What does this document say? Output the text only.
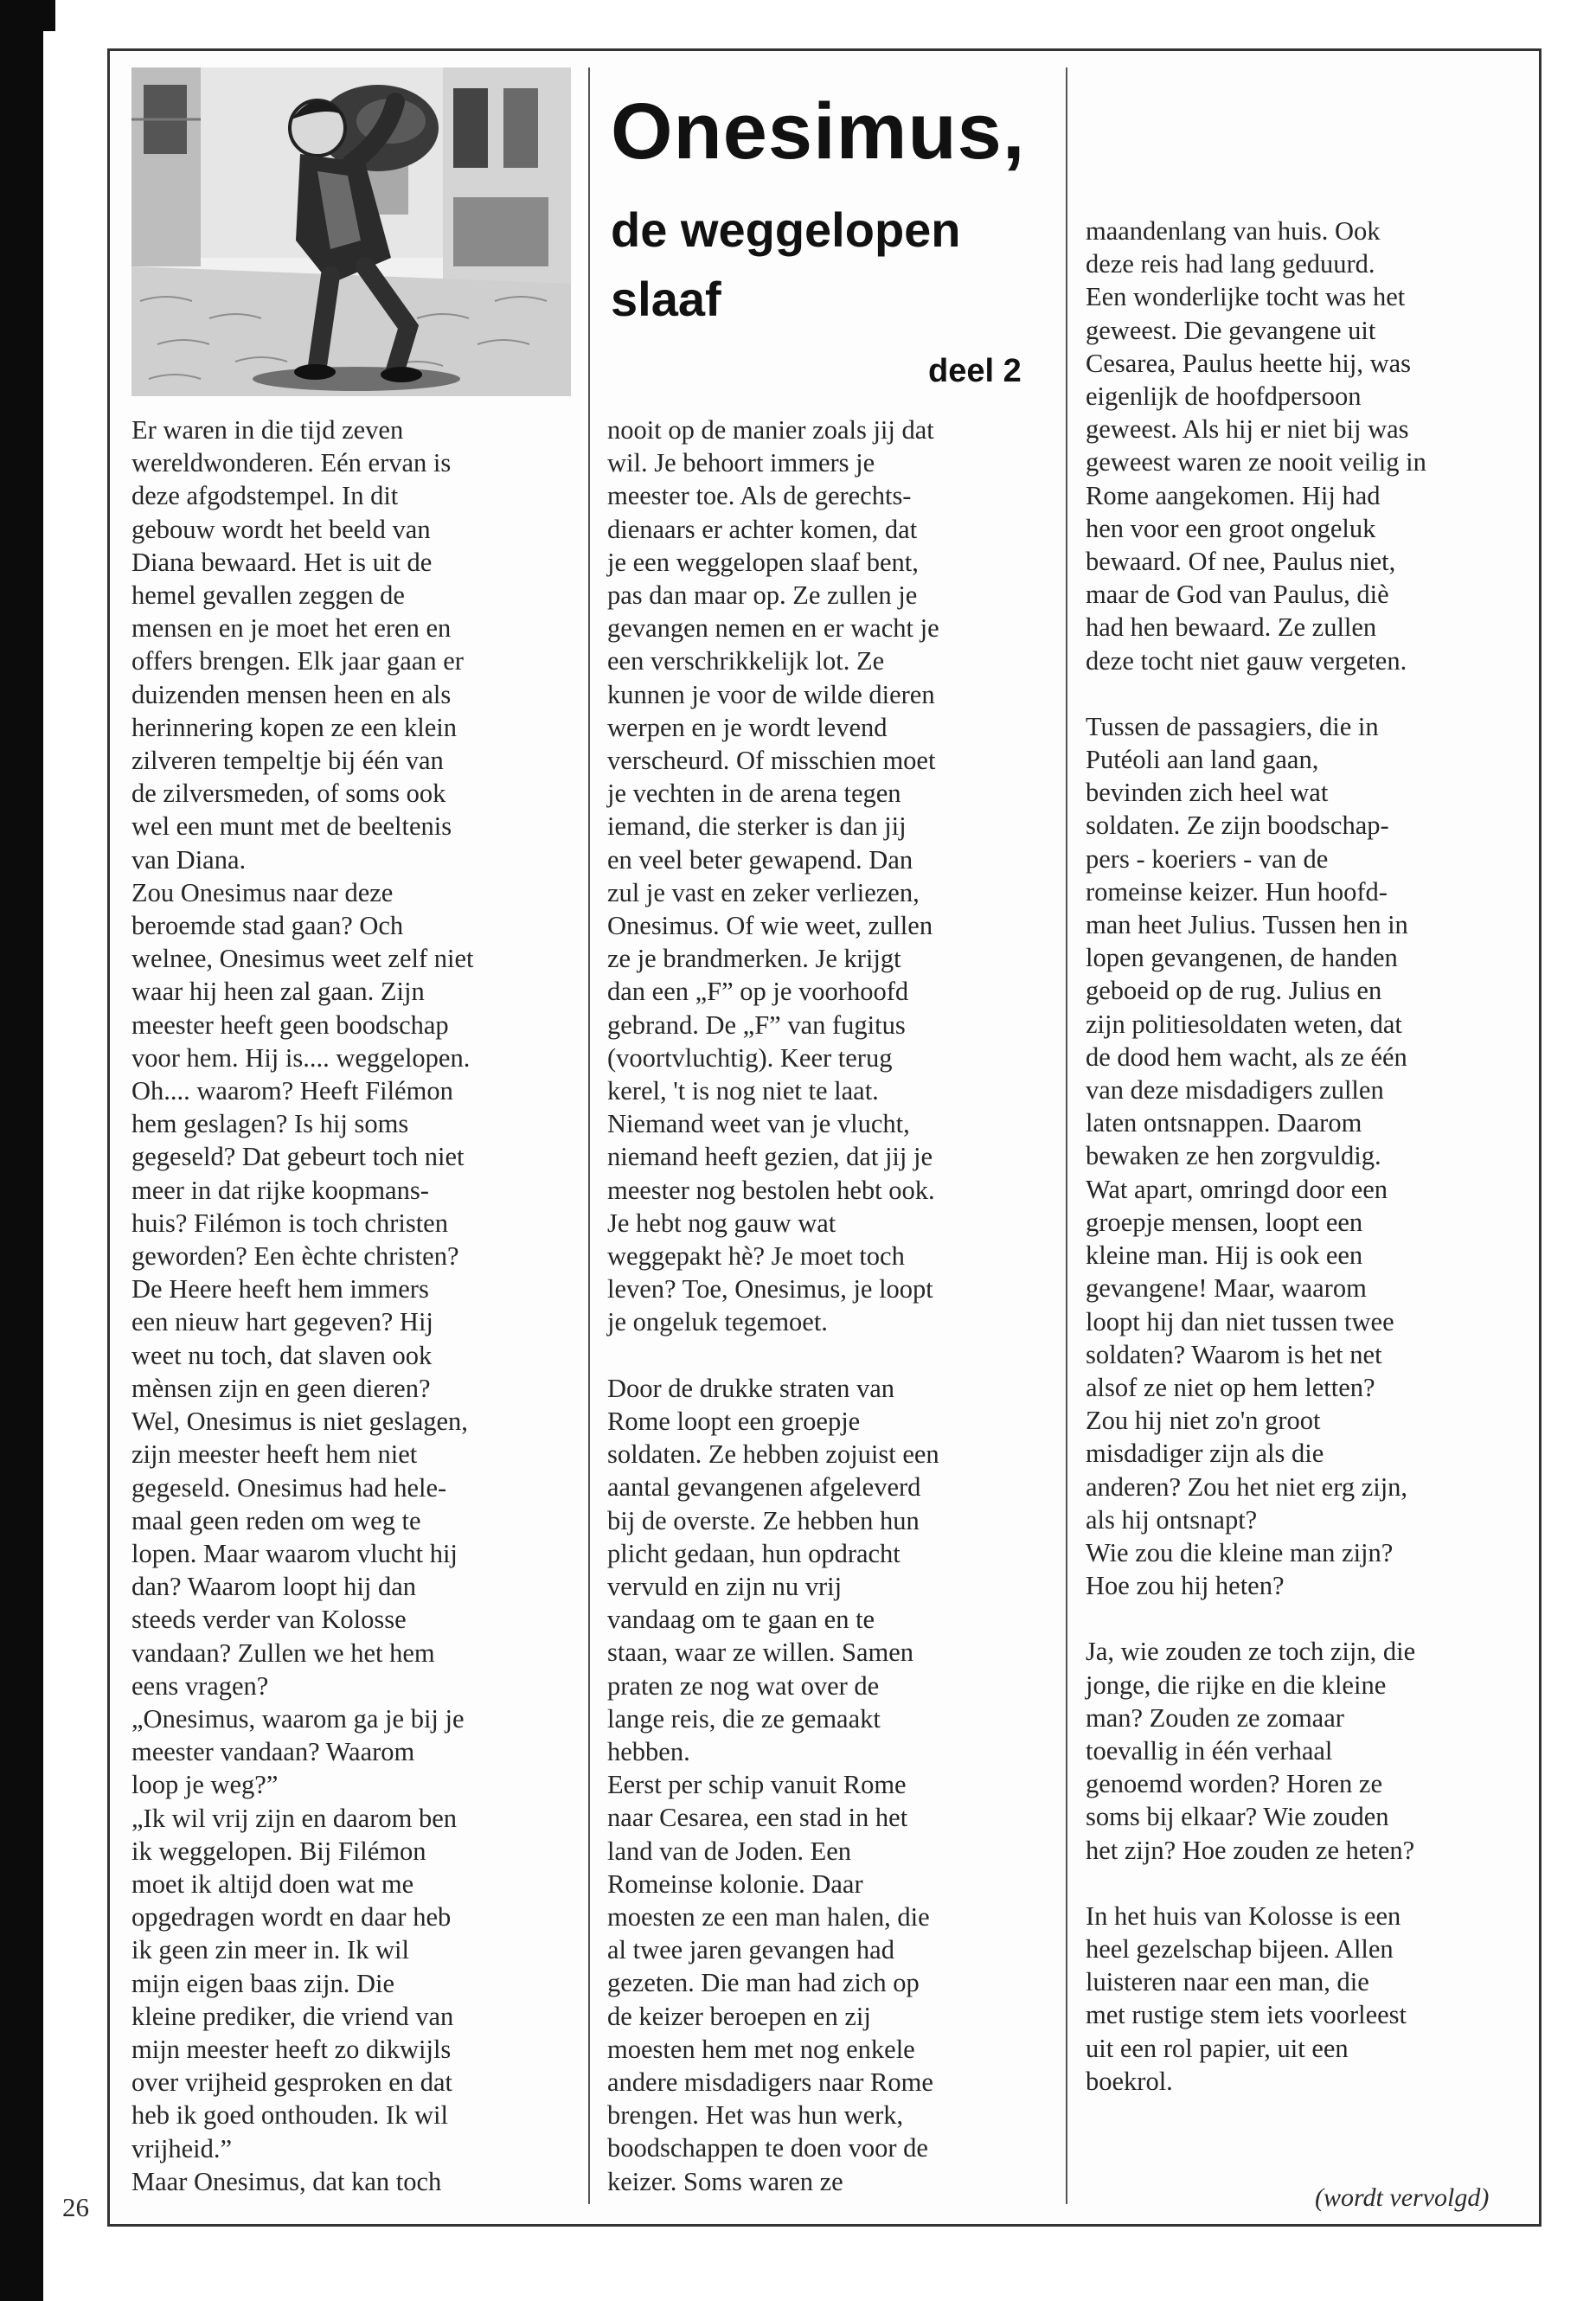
Onesimus,
de weggelopen
slaaf
deel 2

Er waren in die tijd zeven
wereldwonderen. Eén ervan is
deze afgodstempel. In dit
gebouw wordt het beeld van
Diana bewaard. Het is uit de
hemel gevallen zeggen de
mensen en je moet het eren en
offers brengen. Elk jaar gaan er
duizenden mensen heen en als
herinnering kopen ze een klein
zilveren tempeltje bij één van
de zilversmeden, of soms ook
wel een munt met de beeltenis
van Diana.

Zou Onesimus naar deze
beroemde stad gaan? Och
welnee, Onesimus weet zelf niet
waar hij heen zal gaan. Zijn
meester heeft geen boodschap
voor hem. Hij is.... weggelopen.
Oh.... waarom? Heeft Filémon
hem geslagen? Is hij soms
gegeseld? Dat gebeurt toch niet
meer in dat rijke koopmans-
huis? Filémon is toch christen
geworden? Een èchte christen?
De Heere heeft hem immers
een nieuw hart gegeven? Hij
weet nu toch, dat slaven ook
mènsen zijn en geen dieren?
Wel, Onesimus is niet geslagen,
zijn meester heeft hem niet
gegeseld. Onesimus had hele-
maal geen reden om weg te
lopen. Maar waarom vlucht hij
dan? Waarom loopt hij dan
steeds verder van Kolosse
vandaan? Zullen we het hem
eens vragen?

„Onesimus, waarom ga je bij je
meester vandaan? Waarom
loop je weg?”

„Ik wil vrij zijn en daarom ben
ik weggelopen. Bij Filémon
moet ik altijd doen wat me
opgedragen wordt en daar heb
ik geen zin meer in. Ik wil
mijn eigen baas zijn. Die
kleine prediker, die vriend van
mijn meester heeft zo dikwijls
over vrijheid gesproken en dat
heb ik goed onthouden. Ik wil
vrijheid.”

Maar Onesimus, dat kan toch

nooit op de manier zoals jij dat
wil. Je behoort immers je
meester toe. Als de gerechts-
dienaars er achter komen, dat
je een weggelopen slaaf bent,
pas dan maar op. Ze zullen je
gevangen nemen en er wacht je
een verschrikkelijk lot. Ze
kunnen je voor de wilde dieren
werpen en je wordt levend
verscheurd. Of misschien moet
je vechten in de arena tegen
iemand, die sterker is dan jij
en veel beter gewapend. Dan
zul je vast en zeker verliezen,
Onesimus. Of wie weet, zullen
ze je brandmerken. Je krijgt
dan een „F” op je voorhoofd
gebrand. De „F” van fugitus
(voortvluchtig). Keer terug
kerel, 't is nog niet te laat.
Niemand weet van je vlucht,
niemand heeft gezien, dat jij je
meester nog bestolen hebt ook.
Je hebt nog gauw wat
weggepakt hè? Je moet toch
leven? Toe, Onesimus, je loopt
je ongeluk tegemoet.

Door de drukke straten van
Rome loopt een groepje
soldaten. Ze hebben zojuist een
aantal gevangenen afgeleverd
bij de overste. Ze hebben hun
plicht gedaan, hun opdracht
vervuld en zijn nu vrij
vandaag om te gaan en te
staan, waar ze willen. Samen
praten ze nog wat over de
lange reis, die ze gemaakt
hebben.

Eerst per schip vanuit Rome
naar Cesarea, een stad in het
land van de Joden. Een
Romeinse kolonie. Daar
moesten ze een man halen, die
al twee jaren gevangen had
gezeten. Die man had zich op
de keizer beroepen en zij
moesten hem met nog enkele
andere misdadigers naar Rome
brengen. Het was hun werk,
boodschappen te doen voor de
keizer. Soms waren ze

maandenlang van huis. Ook
deze reis had lang geduurd.
Een wonderlijke tocht was het
geweest. Die gevangene uit
Cesarea, Paulus heette hij, was
eigenlijk de hoofdpersoon
geweest. Als hij er niet bij was
geweest waren ze nooit veilig in
Rome aangekomen. Hij had
hen voor een groot ongeluk
bewaard. Of nee, Paulus niet,
maar de God van Paulus, diè
had hen bewaard. Ze zullen
deze tocht niet gauw vergeten.

Tussen de passagiers, die in
Putéoli aan land gaan,
bevinden zich heel wat
soldaten. Ze zijn boodschap-
pers - koeriers - van de
romeinse keizer. Hun hoofd-
man heet Julius. Tussen hen in
lopen gevangenen, de handen
geboeid op de rug. Julius en
zijn politiesoldaten weten, dat
de dood hem wacht, als ze één
van deze misdadigers zullen
laten ontsnappen. Daarom
bewaken ze hen zorgvuldig.
Wat apart, omringd door een
groepje mensen, loopt een
kleine man. Hij is ook een
gevangene! Maar, waarom
loopt hij dan niet tussen twee
soldaten? Waarom is het net
alsof ze niet op hem letten?
Zou hij niet zo'n groot
misdadiger zijn als die
anderen? Zou het niet erg zijn,
als hij ontsnapt?

Wie zou die kleine man zijn?
Hoe zou hij heten?

Ja, wie zouden ze toch zijn, die
jonge, die rijke en die kleine
man? Zouden ze zomaar
toevallig in één verhaal
genoemd worden? Horen ze
soms bij elkaar? Wie zouden
het zijn? Hoe zouden ze heten?

In het huis van Kolosse is een
heel gezelschap bijeen. Allen
luisteren naar een man, die
met rustige stem iets voorleest
uit een rol papier, uit een
boekrol.

(wordt vervolgd)
26
